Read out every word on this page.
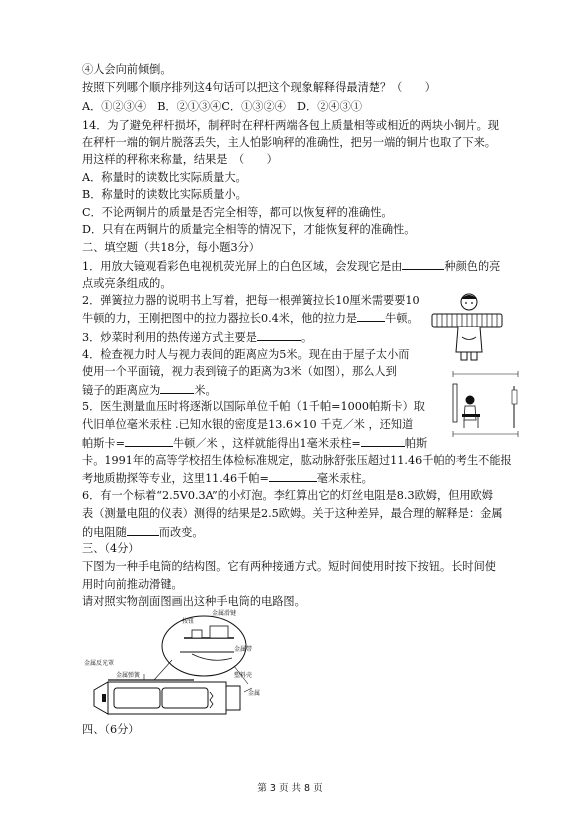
④人会向前倾倒。
按照下列哪个顺序排列这4句话可以把这个现象解释得最清楚？（　　）
A．①②③④　B．②①③④C．①③②④　D．②④③①
14．为了避免秤杆损坏，制秤时在秤杆两端各包上质量相等或相近的两块小铜片。现
在秤杆一端的铜片脱落丢失，主人怕影响秤的准确性，把另一端的铜片也取了下来。
用这样的秤称来称量，结果是　（　　）
A．称量时的读数比实际质量大。
B．称量时的读数比实际质量小。
C．不论两铜片的质量是否完全相等，都可以恢复秤的准确性。
D．只有在两铜片的质量完全相等的情况下，才能恢复秤的准确性。
二、填空题（共18分，每小题3分）
1．用放大镜观看彩色电视机荧光屏上的白色区域，会发现它是由	种颜色的亮
点或亮条组成的。
2．弹簧拉力器的说明书上写着，把每一根弹簧拉长10厘米需要要10
牛顿的力，王刚把图中的拉力器拉长0.4米，他的拉力是	牛顿。
3．炒菜时利用的热传递方式主要是	。
4．检查视力时人与视力表间的距离应为5米。现在由于屋子太小而
使用一个平面镜，视力表到镜子的距离为3米（如图），那么人到
镜子的距离应为	米。
5．医生测量血压时将逐渐以国际单位千帕（1千帕=1000帕斯卡）取
代旧单位毫米汞柱 .已知水银的密度是13.6×10 千克／米 ，还知道
帕斯卡=	牛顿／米 ，这样就能得出1毫米汞柱=	帕斯
卡。1991年的高等学校招生体检标准规定，肱动脉舒张压超过11.46千帕的考生不能报
考地质勘探等专业，这里11.46千帕=	毫米汞柱。
6．有一个标着“2.5V0.3A”的小灯泡。李红算出它的灯丝电阻是8.3欧姆，但用欧姆
表（测量电阻的仪表）测得的结果是2.5欧姆。关于这种差异，最合理的解释是：金属
的电阻随	而改变。
三、（4分）
下图为一种手电筒的结构图。它有两种接通方式。短时间使用时按下按钮。长时间使
用时向前推动滑键。
请对照实物剖面图画出这种手电筒的电路图。
四、（6分）
按钮
金属滑键
金属带
金属反光罩
金属弹簧	塑料壳
金属
第 3 页 共 8 页
